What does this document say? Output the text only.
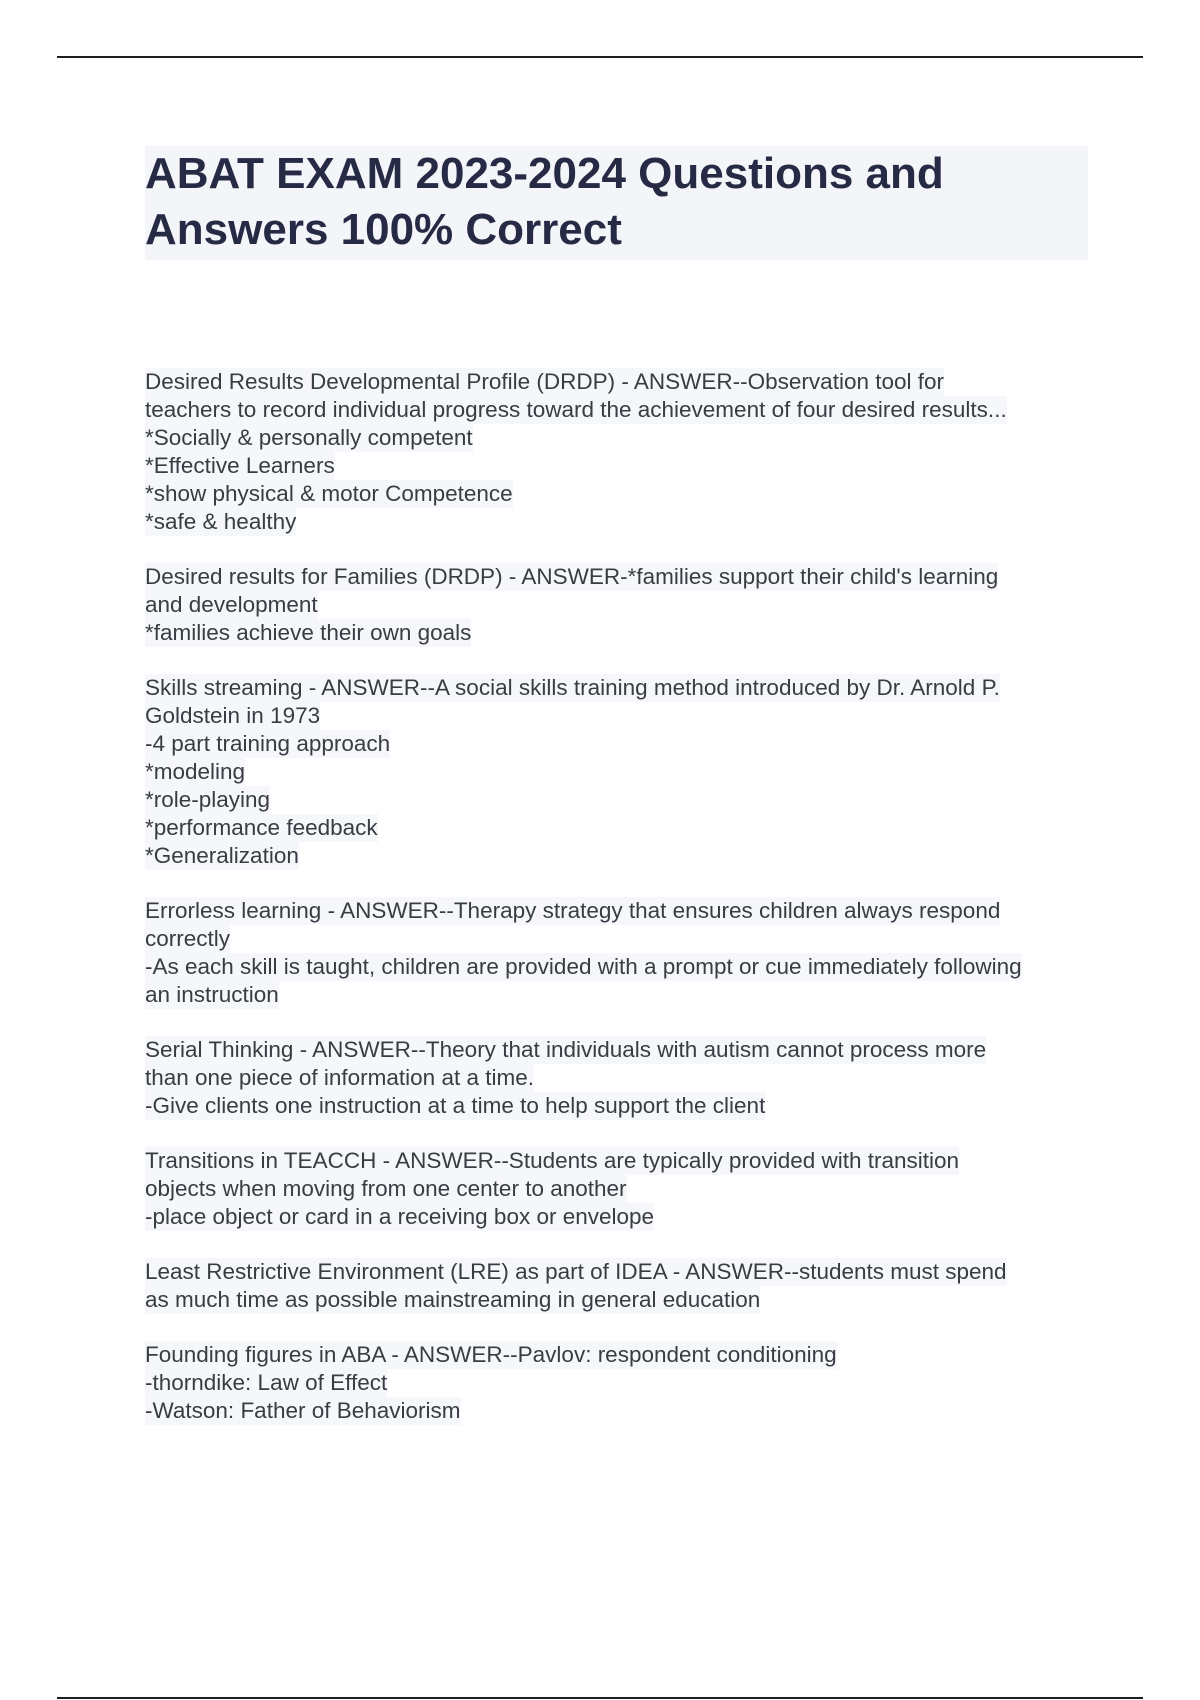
ABAT EXAM 2023-2024 Questions and
Answers 100% Correct
Desired Results Developmental Profile (DRDP) - ANSWER--Observation tool for
teachers to record individual progress toward the achievement of four desired results...
*Socially & personally competent
*Effective Learners
*show physical & motor Competence
*safe & healthy
Desired results for Families (DRDP) - ANSWER-*families support their child's learning
and development
*families achieve their own goals
Skills streaming - ANSWER--A social skills training method introduced by Dr. Arnold P.
Goldstein in 1973
-4 part training approach
*modeling
*role-playing
*performance feedback
*Generalization
Errorless learning - ANSWER--Therapy strategy that ensures children always respond
correctly
-As each skill is taught, children are provided with a prompt or cue immediately following
an instruction
Serial Thinking - ANSWER--Theory that individuals with autism cannot process more
than one piece of information at a time.
-Give clients one instruction at a time to help support the client
Transitions in TEACCH - ANSWER--Students are typically provided with transition
objects when moving from one center to another
-place object or card in a receiving box or envelope
Least Restrictive Environment (LRE) as part of IDEA - ANSWER--students must spend
as much time as possible mainstreaming in general education
Founding figures in ABA - ANSWER--Pavlov: respondent conditioning
-thorndike: Law of Effect
-Watson: Father of Behaviorism
